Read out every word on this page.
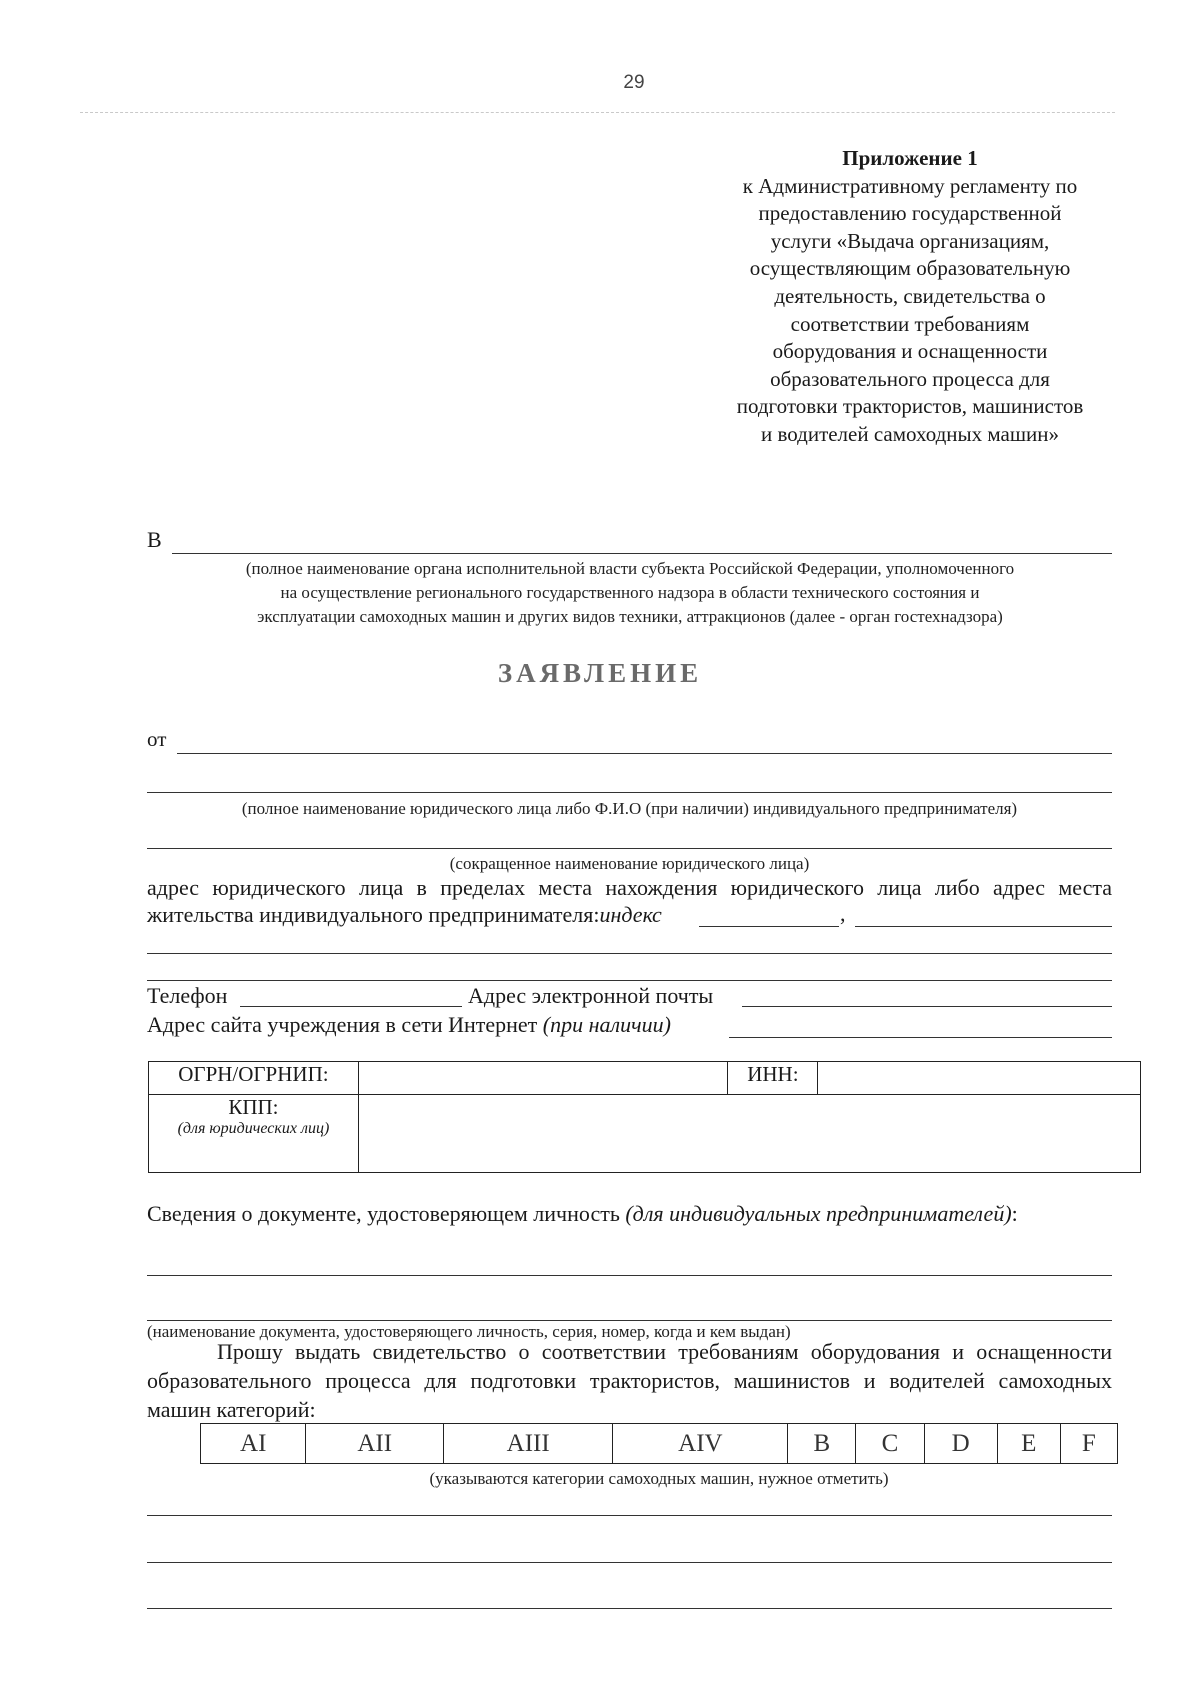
29
Приложение 1
к Административному регламенту по
предоставлению государственной
услуги «Выдача организациям,
осуществляющим образовательную
деятельность, свидетельства о
соответствии требованиям
оборудования и оснащенности
образовательного процесса для
подготовки трактористов, машинистов
и водителей самоходных машин»
В
(полное наименование органа исполнительной власти субъекта Российской Федерации, уполномоченного
на осуществление регионального государственного надзора в области технического состояния и
эксплуатации самоходных машин и других видов техники, аттракционов (далее - орган гостехнадзора)
ЗАЯВЛЕНИЕ
от
(полное наименование юридического лица либо Ф.И.О (при наличии) индивидуального предпринимателя)
(сокращенное наименование юридического лица)
адрес юридического лица в пределах места нахождения юридического лица либо адрес места жительства индивидуального предпринимателя:индекс	,
Телефон	Адрес электронной почты
Адрес сайта учреждения в сети Интернет (при наличии)
ОГРН/ОГРНИП:		ИНН:	
КПП:
(для юридических лиц)			

Сведения о документе, удостоверяющем личность (для индивидуальных предпринимателей):
(наименование документа, удостоверяющего личность, серия, номер, когда и кем выдан)
Прошу выдать свидетельство о соответствии требованиям оборудования и оснащенности образовательного процесса для подготовки трактористов, машинистов и водителей самоходных машин категорий:
AI	AII	AIII	AIV	B	C	D	E	F
(указываются категории самоходных машин, нужное отметить)
